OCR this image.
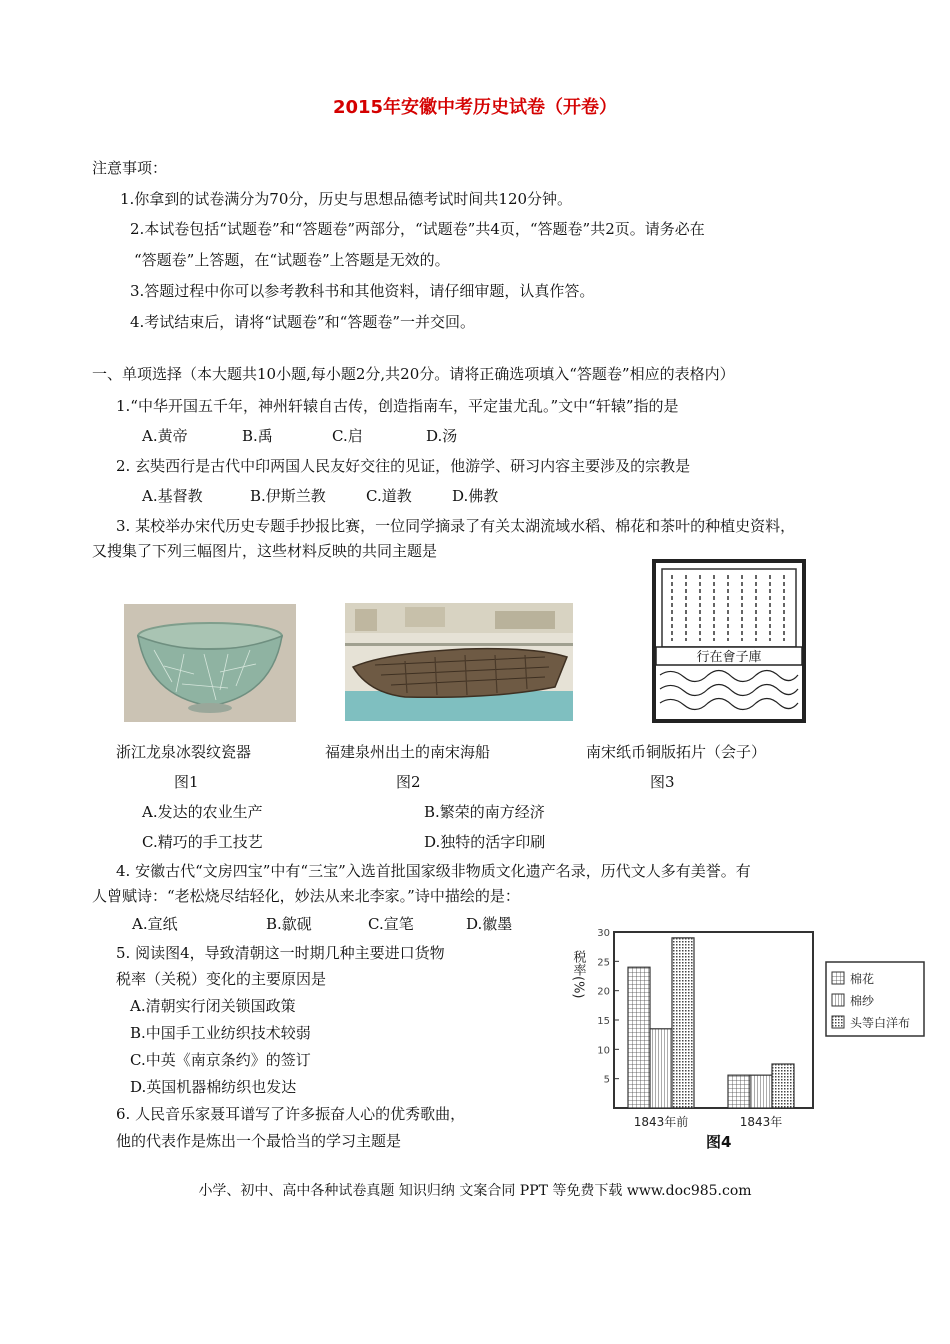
2015年安徽中考历史试卷（开卷）
注意事项：
1.你拿到的试卷满分为70分，历史与思想品德考试时间共120分钟。
2.本试卷包括“试题卷”和“答题卷”两部分，“试题卷”共4页，“答题卷”共2页。请务必在
“答题卷”上答题，在“试题卷”上答题是无效的。
3.答题过程中你可以参考教科书和其他资料，请仔细审题，认真作答。
4.考试结束后，请将“试题卷”和“答题卷”一并交回。
一、单项选择（本大题共10小题,每小题2分,共20分。请将正确选项填入“答题卷”相应的表格内）
1.“中华开国五千年，神州轩辕自古传，创造指南车，平定蚩尤乱。”文中“轩辕”指的是
A.黄帝	B.禹	C.启	D.汤
2. 玄奘西行是古代中印两国人民友好交往的见证，他游学、研习内容主要涉及的宗教是
A.基督教	B.伊斯兰教	C.道教	D.佛教
3. 某校举办宋代历史专题手抄报比赛，一位同学摘录了有关太湖流域水稻、棉花和茶叶的种植史资料，
又搜集了下列三幅图片，这些材料反映的共同主题是
行在會子庫
浙江龙泉冰裂纹瓷器	福建泉州出土的南宋海船	南宋纸币铜版拓片（会子）
图1	图2	图3
A.发达的农业生产	B.繁荣的南方经济
C.精巧的手工技艺	D.独特的活字印刷
4. 安徽古代“文房四宝”中有“三宝”入选首批国家级非物质文化遗产名录，历代文人多有美誉。有
人曾赋诗：“老松烧尽结轻化，妙法从来北李家。”诗中描绘的是：
A.宣纸	B.歙砚	C.宣笔	D.徽墨
5. 阅读图4，导致清朝这一时期几种主要进口货物
税率（关税）变化的主要原因是
A.清朝实行闭关锁国政策
B.中国手工业纺织技术较弱
C.中英《南京条约》的签订
D.英国机器棉纺织也发达
6. 人民音乐家聂耳谱写了许多振奋人心的优秀歌曲，
他的代表作是炼出一个最恰当的学习主题是
税率(%)
5
10
15
20
25
30
1843年前	1843年
棉花
棉纱
头等白洋布
图4
小学、初中、高中各种试卷真题 知识归纳 文案合同 PPT 等免费下载 www.doc985.com
